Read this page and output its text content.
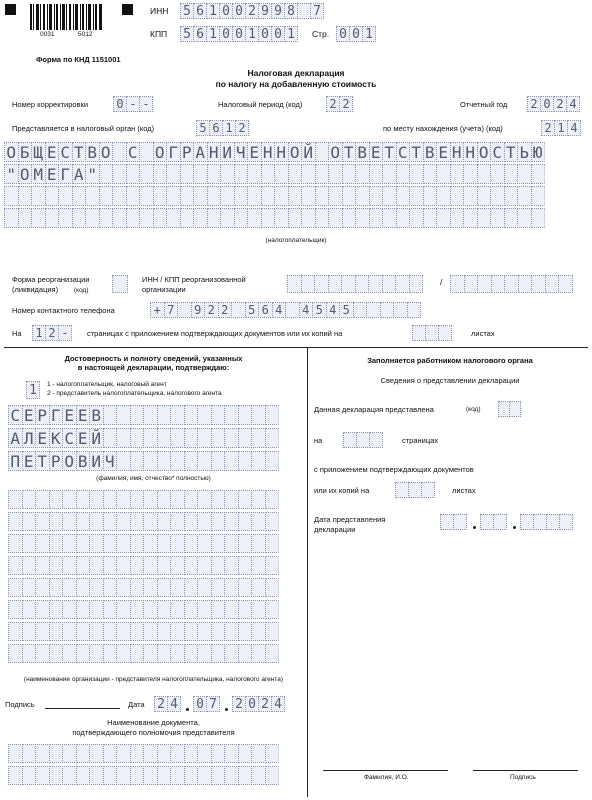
0031	5012
ИНН 5 6 1 0 0 2 9 9 8 7
КПП 5 6 1 0 0 1 0 0 1	Стр. 0 0 1
Форма по КНД 1151001
Налоговая декларация
по налогу на добавленную стоимость
Номер корректировки 0 - -	Налоговый период (код) 2 2	Отчетный год 2 0 2 4
Представляется в налоговый орган (код)	5 6 1 2	по месту нахождения (учета) (код)	2 1 4
О Б Щ Е С Т В О С О Г Р А Н И Ч Е Н Н О Й О Т В Е Т С Т В Е Н Н О С Т Ь Ю
" О М Е Г А "
(налогоплательщик)
Форма реорганизации
(ликвидация) (код)
ИНН / КПП реорганизованной
организации
/
Номер контактного телефона	+ 7	9 2 2	5 6 4	4 5 4 5
На 1 2 -	страницах с приложением подтверждающих документов или их копий на	листах
Достоверность и полноту сведений, указанных
в настоящей декларации, подтверждаю:
1	1 - налогоплательщик, налоговый агент
2 - представитель налогоплательщика, налогового агента
С Е Р Г Е Е В
А Л Е К С Е Й
П Е Т Р О В И Ч
(фамилия, имя, отчество* полностью)
(наименование организации - представителя налогоплательщика, налогового агента)
Подпись	Дата 2 4 0 7 2 0 2 4
Наименование документа,
подтверждающего полномочия представителя
Заполняется работником налогового органа
Сведения о представлении декларации
Данная декларация представлена	(код)
на	страницах
с приложением подтверждающих документов
или их копий на	листах
Дата представления
декларации
Фамилия, И.О.	Подпись
